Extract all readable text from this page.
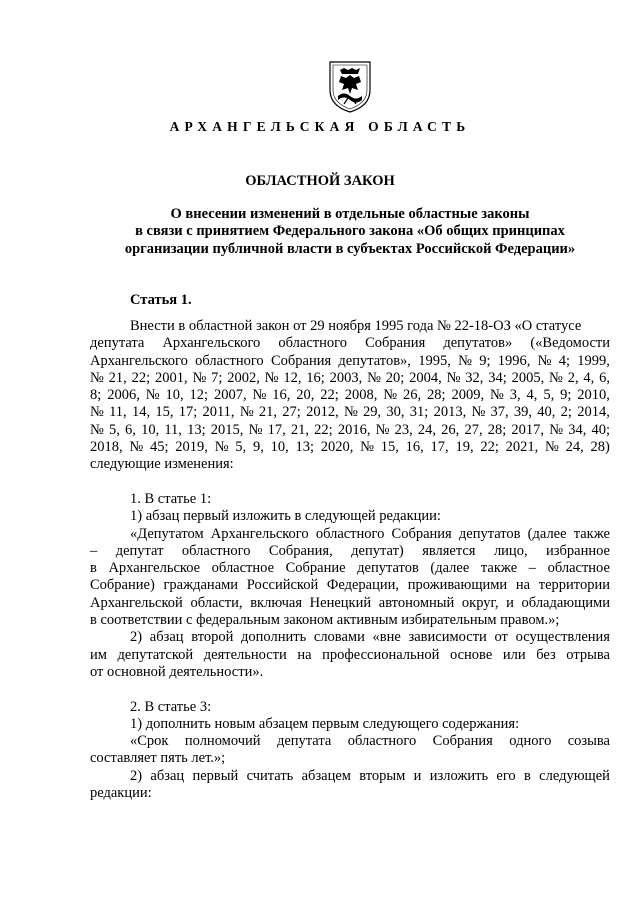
АРХАНГЕЛЬСКАЯ ОБЛАСТЬ
ОБЛАСТНОЙ ЗАКОН
О внесении изменений в отдельные областные законы
в связи с принятием Федерального закона «Об общих принципах
организации публичной власти в субъектах Российской Федерации»
Статья 1.
Внести в областной закон от 29 ноября 1995 года № 22-18-ОЗ «О статусе
депутата Архангельского областного Собрания депутатов» («Ведомости
Архангельского областного Собрания депутатов», 1995, № 9; 1996, № 4; 1999,
№ 21, 22; 2001, № 7; 2002, № 12, 16; 2003, № 20; 2004, № 32, 34; 2005, № 2, 4, 6,
8; 2006, № 10, 12; 2007, № 16, 20, 22; 2008, № 26, 28; 2009, № 3, 4, 5, 9; 2010,
№ 11, 14, 15, 17; 2011, № 21, 27; 2012, № 29, 30, 31; 2013, № 37, 39, 40, 2; 2014,
№ 5, 6, 10, 11, 13; 2015, № 17, 21, 22; 2016, № 23, 24, 26, 27, 28; 2017, № 34, 40;
2018, № 45; 2019, № 5, 9, 10, 13; 2020, № 15, 16, 17, 19, 22; 2021, № 24, 28)
следующие изменения:
1. В статье 1:
1) абзац первый изложить в следующей редакции:
«Депутатом Архангельского областного Собрания депутатов (далее также
– депутат областного Собрания, депутат) является лицо, избранное
в Архангельское областное Собрание депутатов (далее также – областное
Собрание) гражданами Российской Федерации, проживающими на территории
Архангельской области, включая Ненецкий автономный округ, и обладающими
в соответствии с федеральным законом активным избирательным правом.»;
2) абзац второй дополнить словами «вне зависимости от осуществления
им депутатской деятельности на профессиональной основе или без отрыва
от основной деятельности».
2. В статье 3:
1) дополнить новым абзацем первым следующего содержания:
«Срок полномочий депутата областного Собрания одного созыва
составляет пять лет.»;
2) абзац первый считать абзацем вторым и изложить его в следующей
редакции:
